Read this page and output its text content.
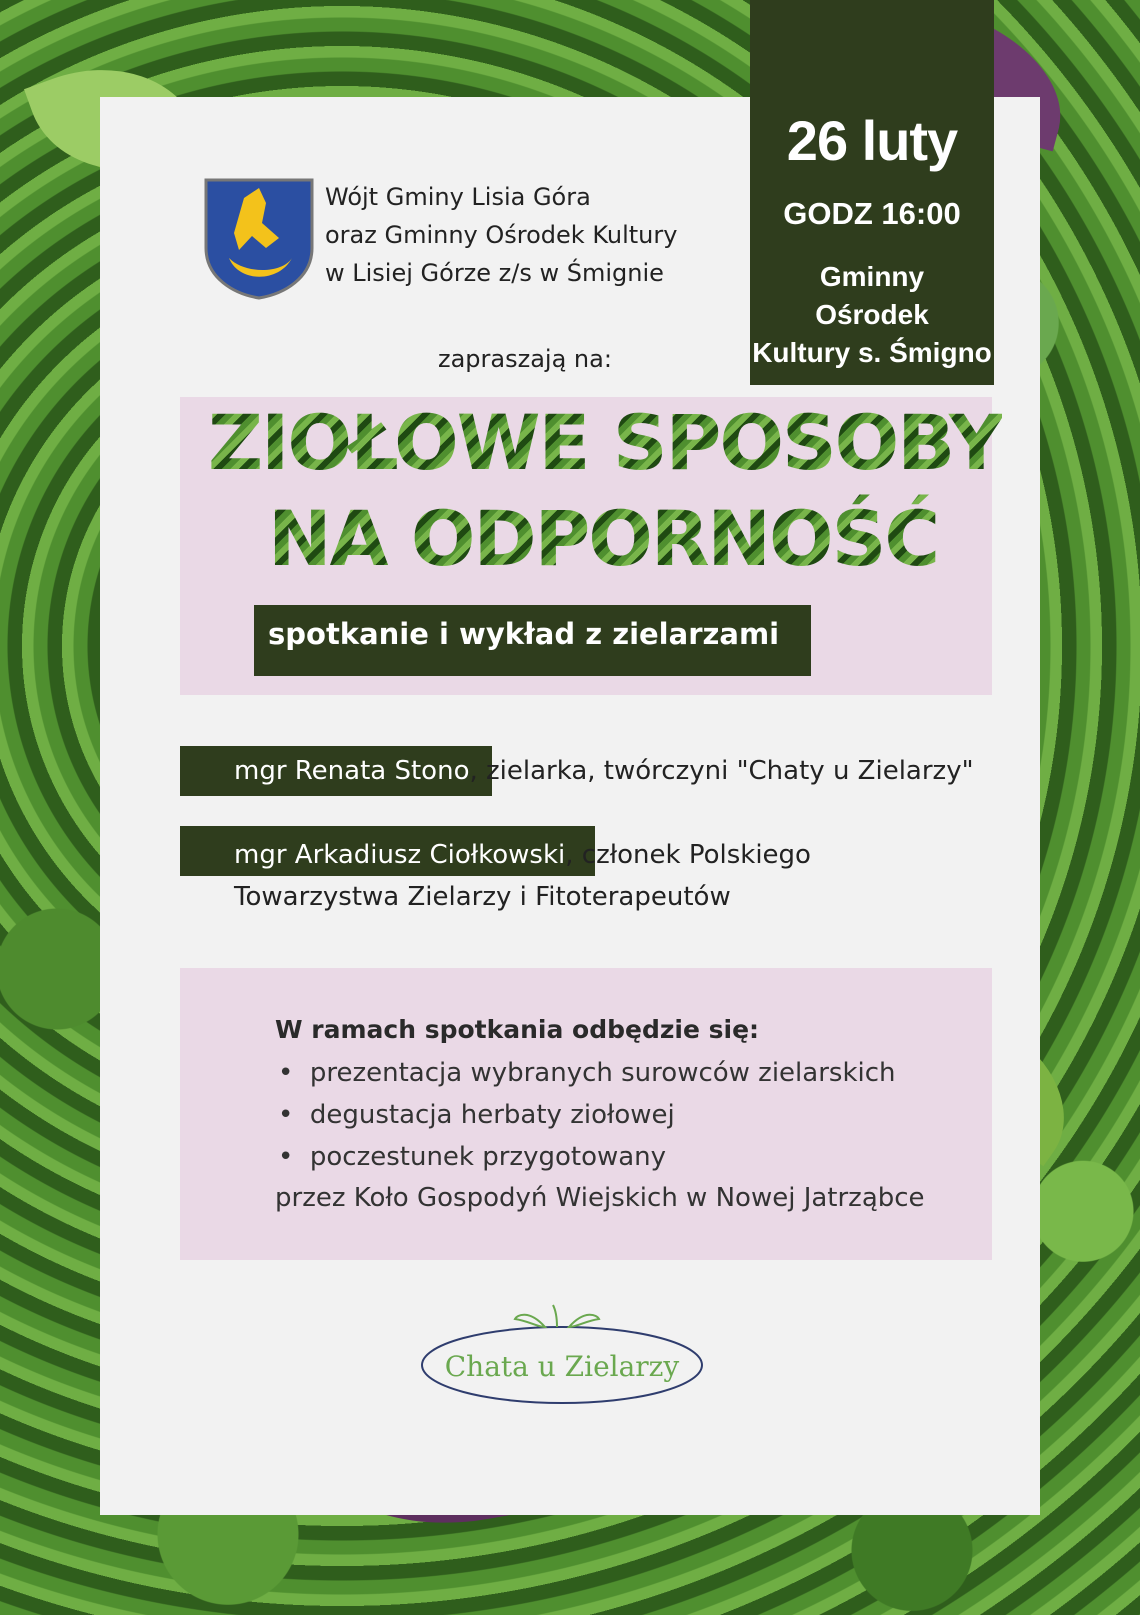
Wójt Gminy Lisia Góra
oraz Gminny Ośrodek Kultury
w Lisiej Górze z/s w Śmignie
26 luty
GODZ 16:00
Gminny
Ośrodek
Kultury s. Śmigno
zapraszają na:
ZIOŁOWE SPOSOBY
NA ODPORNOŚĆ
spotkanie i wykład z zielarzami
mgr Renata Stono, zielarka, twórczyni "Chaty u Zielarzy"
mgr Arkadiusz Ciołkowski, członek Polskiego
Towarzystwa Zielarzy i Fitoterapeutów
W ramach spotkania odbędzie się:
•  prezentacja wybranych surowców zielarskich
•  degustacja herbaty ziołowej
•  poczestunek przygotowany
przez Koło Gospodyń Wiejskich w Nowej Jatrząbce
Chata u Zielarzy
